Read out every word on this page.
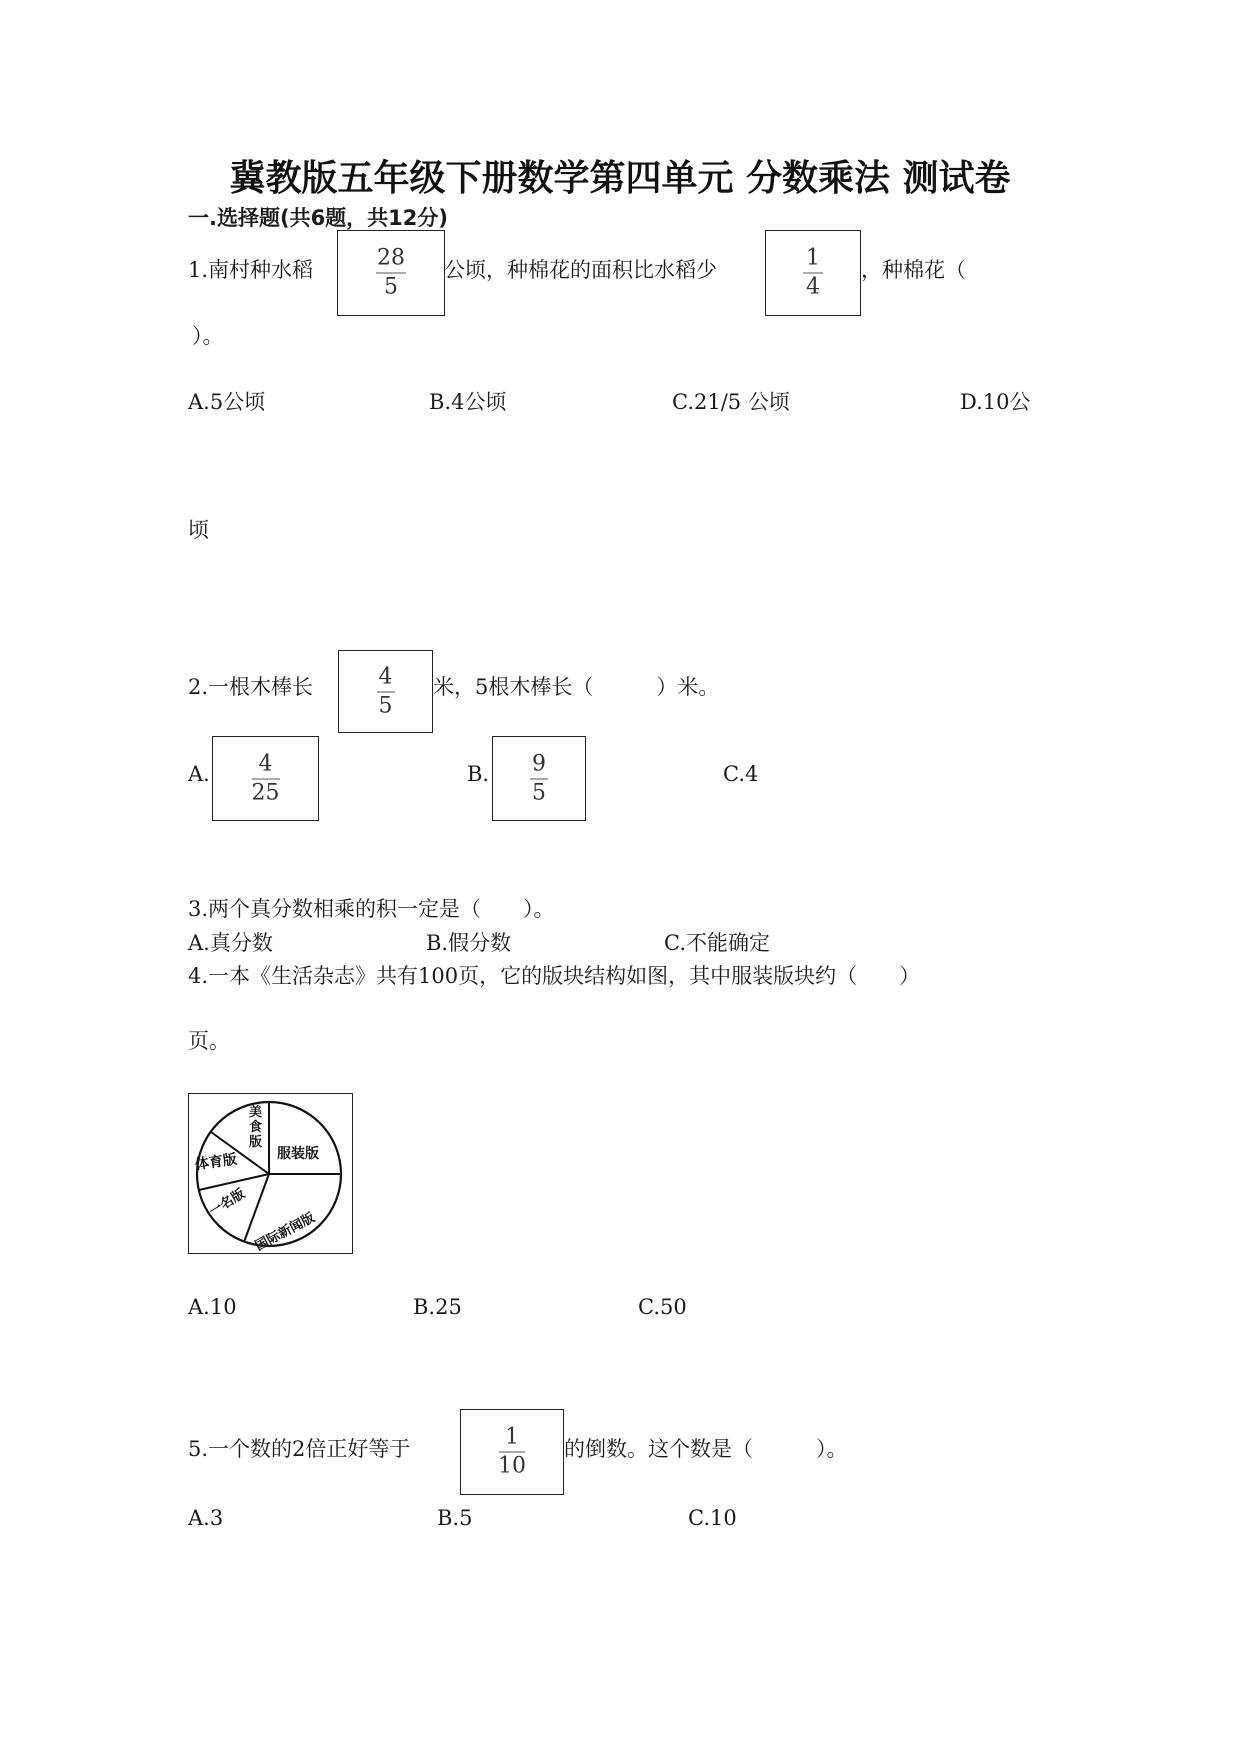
冀教版五年级下册数学第四单元 分数乘法 测试卷
一.选择题(共6题，共12分)
1.南村种水稻	28
5
公顷，种棉花的面积比水稻少	1
4
，种棉花（
）。
A.5公顷	B.4公顷	C.21/5 公顷	D.10公
顷
2.一根木棒长	4
5
米，5根木棒长（　　　）米。
A. 4
25
B. 9
5
C.4
3.两个真分数相乘的积一定是（　　）。
A.真分数	B.假分数	C.不能确定
4.一本《生活杂志》共有100页，它的版块结构如图，其中服装版块约（　　）
页。
美 食 版
服装版
体育版
一名版
国际新闻版
A.10	B.25	C.50
5.一个数的2倍正好等于	1
10
的倒数。这个数是（　　　）。
A.3	B.5	C.10
